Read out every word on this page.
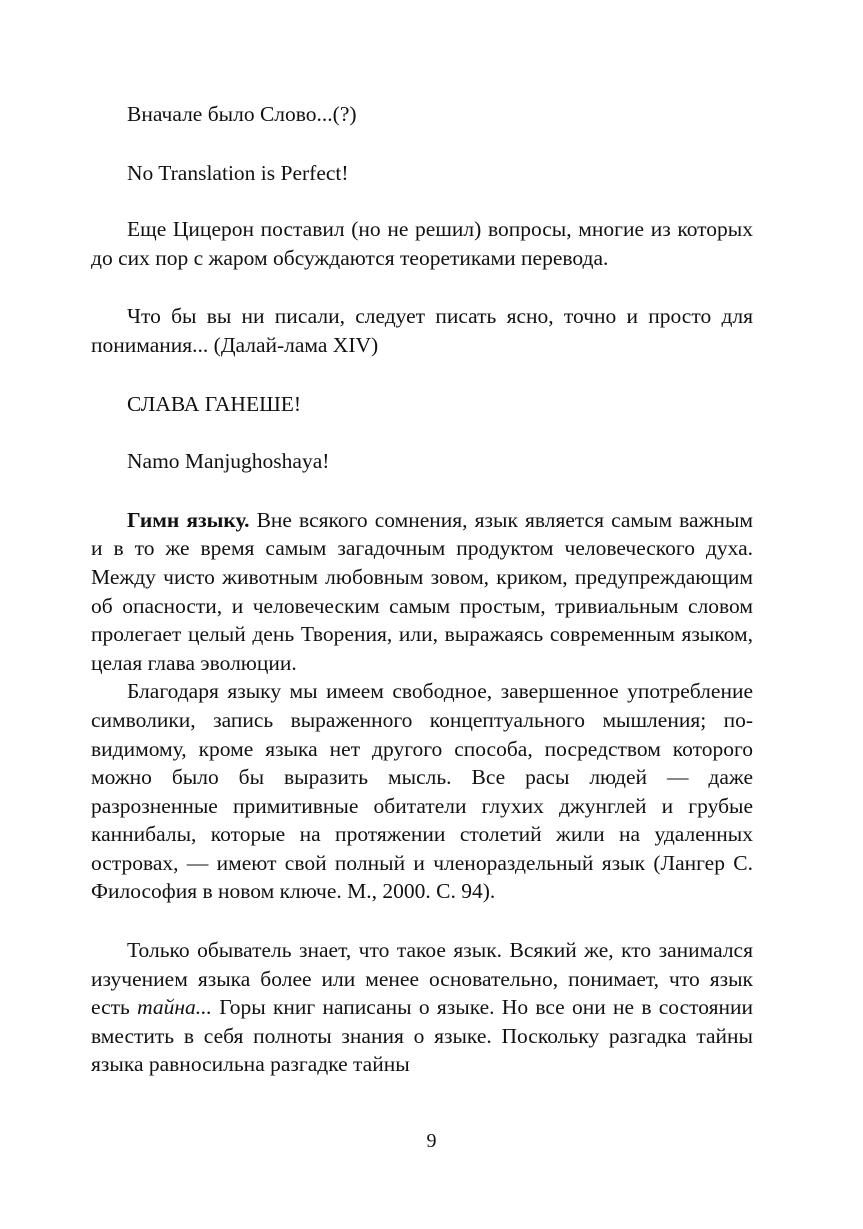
Вначале было Слово...(?)

No Translation is Perfect!

Еще Цицерон поставил (но не решил) вопросы, многие из которых до сих пор с жаром обсуждаются теоретиками перевода.

Что бы вы ни писали, следует писать ясно, точно и просто для понимания... (Далай-лама XIV)

СЛАВА ГАНЕШЕ!

Namo Manjughoshaya!

Гимн языку. Вне всякого сомнения, язык является самым важным и в то же время самым загадочным продуктом человеческого духа. Между чисто животным любовным зовом, криком, предупреждающим об опасности, и человеческим самым простым, тривиальным словом пролегает целый день Творения, или, выражаясь современным языком, целая глава эволюции.

Благодаря языку мы имеем свободное, завершенное употребление символики, запись выраженного концептуального мышления; по-видимому, кроме языка нет другого способа, посредством которого можно было бы выразить мысль. Все расы людей — даже разрозненные примитивные обитатели глухих джунглей и грубые каннибалы, которые на протяжении столетий жили на удаленных островах, — имеют свой полный и членораздельный язык (Лангер С. Философия в новом ключе. М., 2000. С. 94).

Только обыватель знает, что такое язык. Всякий же, кто занимался изучением языка более или менее основательно, понимает, что язык есть тайна... Горы книг написаны о языке. Но все они не в состоянии вместить в себя полноты знания о языке. Поскольку разгадка тайны языка равносильна разгадке тайны

9
